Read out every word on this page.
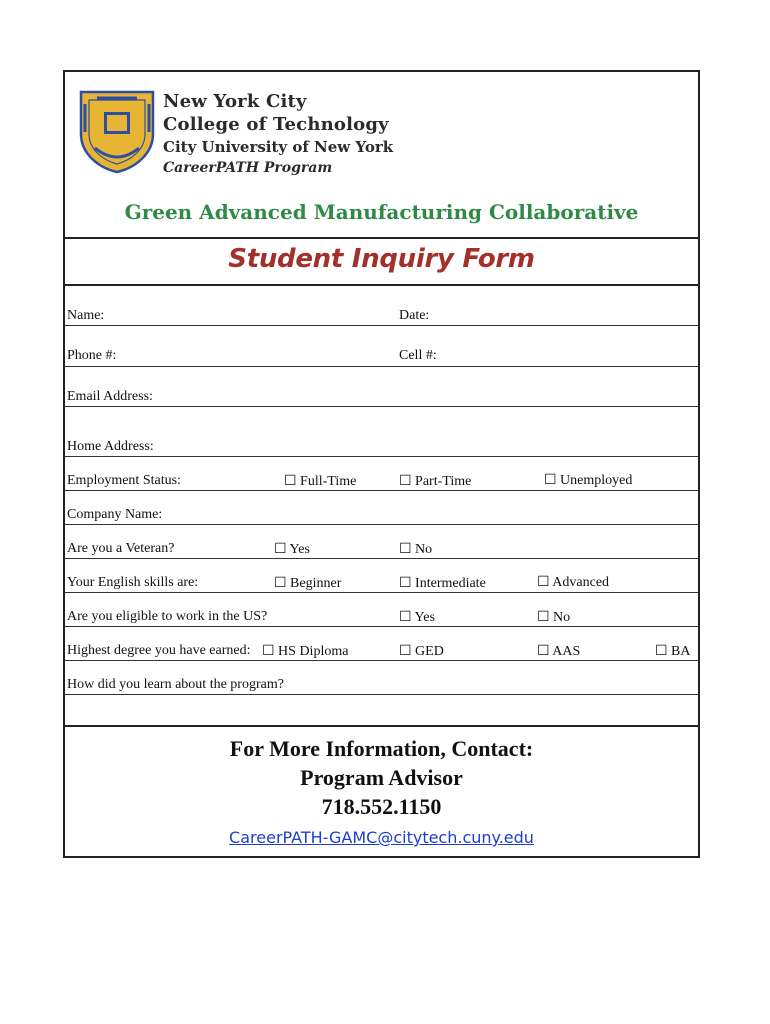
New York City
College of Technology
City University of New York
CareerPATH Program
Green Advanced Manufacturing Collaborative
Student Inquiry Form
Name:	Date:
Phone #:	Cell #:
Email Address:
Home Address:
Employment Status:	☐ Full-Time	☐ Part-Time	☐ Unemployed
Company Name:
Are you a Veteran?	☐ Yes	☐ No
Your English skills are:	☐ Beginner	☐ Intermediate	☐ Advanced
Are you eligible to work in the US?	☐ Yes	☐ No
Highest degree you have earned: ☐ HS Diploma	☐ GED	☐ AAS	☐ BA
How did you learn about the program?
For More Information, Contact:
Program Advisor
718.552.1150
CareerPATH-GAMC@citytech.cuny.edu
